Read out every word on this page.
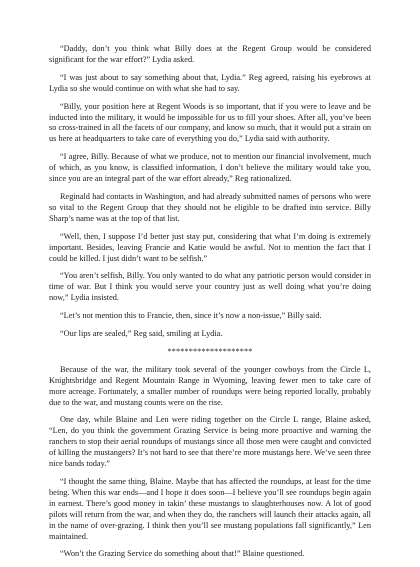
“Daddy, don’t you think what Billy does at the Regent Group would be considered significant for the war effort?” Lydia asked.

“I was just about to say something about that, Lydia.” Reg agreed, raising his eyebrows at Lydia so she would continue on with what she had to say.

“Billy, your position here at Regent Woods is so important, that if you were to leave and be inducted into the military, it would be impossible for us to fill your shoes. After all, you’ve been so cross-trained in all the facets of our company, and know so much, that it would put a strain on us here at headquarters to take care of everything you do,” Lydia said with authority.

“I agree, Billy. Because of what we produce, not to mention our financial involvement, much of which, as you know, is classified information, I don’t believe the military would take you, since you are an integral part of the war effort already,” Reg rationalized.

Reginald had contacts in Washington, and had already submitted names of persons who were so vital to the Regent Group that they should not be eligible to be drafted into service. Billy Sharp’s name was at the top of that list.

“Well, then, I suppose I’d better just stay put, considering that what I’m doing is extremely important. Besides, leaving Francie and Katie would be awful. Not to mention the fact that I could be killed. I just didn’t want to be selfish.”

“You aren’t selfish, Billy. You only wanted to do what any patriotic person would consider in time of war. But I think you would serve your country just as well doing what you’re doing now,” Lydia insisted.

“Let’s not mention this to Francie, then, since it’s now a non-issue,” Billy said.

“Our lips are sealed,” Reg said, smiling at Lydia.

********************

Because of the war, the military took several of the younger cowboys from the Circle L, Knightsbridge and Regent Mountain Range in Wyoming, leaving fewer men to take care of more acreage. Fortunately, a smaller number of roundups were being reported locally, probably due to the war, and mustang counts were on the rise.

One day, while Blaine and Len were riding together on the Circle L range, Blaine asked, “Len, do you think the government Grazing Service is being more proactive and warning the ranchers to stop their aerial roundups of mustangs since all those men were caught and convicted of killing the mustangers? It’s not hard to see that there’re more mustangs here. We’ve seen three nice bands today.”

“I thought the same thing, Blaine. Maybe that has affected the roundups, at least for the time being. When this war ends—and I hope it does soon—I believe you’ll see roundups begin again in earnest. There’s good money in takin’ these mustangs to slaughterhouses now. A lot of good pilots will return from the war, and when they do, the ranchers will launch their attacks again, all in the name of over-grazing. I think then you’ll see mustang populations fall significantly,” Len maintained.

“Won’t the Grazing Service do something about that!” Blaine questioned.
